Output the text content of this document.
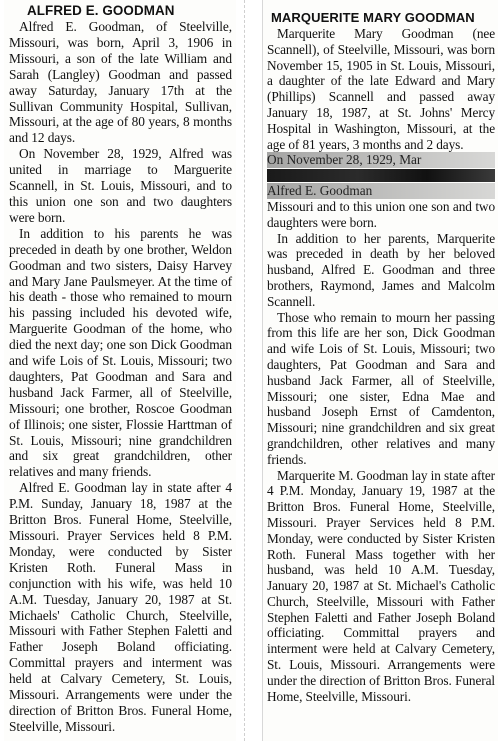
ALFRED E. GOODMAN

Alfred E. Goodman, of Steelville, Missouri, was born, April 3, 1906 in Missouri, a son of the late William and Sarah (Langley) Goodman and passed away Saturday, January 17th at the Sullivan Community Hospital, Sullivan, Missouri, at the age of 80 years, 8 months and 12 days.

On November 28, 1929, Alfred was united in marriage to Marguerite Scannell, in St. Louis, Missouri, and to this union one son and two daughters were born.

In addition to his parents he was preceded in death by one brother, Weldon Goodman and two sisters, Daisy Harvey and Mary Jane Paulsmeyer. At the time of his death - those who remained to mourn his passing included his devoted wife, Marguerite Goodman of the home, who died the next day; one son Dick Goodman and wife Lois of St. Louis, Missouri; two daughters, Pat Goodman and Sara and husband Jack Farmer, all of Steelville, Missouri; one brother, Roscoe Goodman of Illinois; one sister, Flossie Harttman of St. Louis, Missouri; nine grandchildren and six great grandchildren, other relatives and many friends.

Alfred E. Goodman lay in state after 4 P.M. Sunday, January 18, 1987 at the Britton Bros. Funeral Home, Steelville, Missouri. Prayer Services held 8 P.M. Monday, were conducted by Sister Kristen Roth. Funeral Mass in conjunction with his wife, was held 10 A.M. Tuesday, January 20, 1987 at St. Michaels' Catholic Church, Steelville, Missouri with Father Stephen Faletti and Father Joseph Boland officiating. Committal prayers and interment was held at Calvary Cemetery, St. Louis, Missouri. Arrangements were under the direction of Britton Bros. Funeral Home, Steelville, Missouri.

MARQUERITE MARY GOODMAN

Marquerite Mary Goodman (nee Scannell), of Steelville, Missouri, was born November 15, 1905 in St. Louis, Missouri, a daughter of the late Edward and Mary (Phillips) Scannell and passed away January 18, 1987, at St. Johns' Mercy Hospital in Washington, Missouri, at the age of 81 years, 3 months and 2 days.

On November 28, 1929, Mar
Alfred E. Goodman

Missouri and to this union one son and two daughters were born.

In addition to her parents, Marquerite was preceded in death by her beloved husband, Alfred E. Goodman and three brothers, Raymond, James and Malcolm Scannell.

Those who remain to mourn her passing from this life are her son, Dick Goodman and wife Lois of St. Louis, Missouri; two daughters, Pat Goodman and Sara and husband Jack Farmer, all of Steelville, Missouri; one sister, Edna Mae and husband Joseph Ernst of Camdenton, Missouri; nine grandchildren and six great grandchildren, other relatives and many friends.

Marquerite M. Goodman lay in state after 4 P.M. Monday, January 19, 1987 at the Britton Bros. Funeral Home, Steelville, Missouri. Prayer Services held 8 P.M. Monday, were conducted by Sister Kristen Roth. Funeral Mass together with her husband, was held 10 A.M. Tuesday, January 20, 1987 at St. Michael's Catholic Church, Steelville, Missouri with Father Stephen Faletti and Father Joseph Boland officiating. Committal prayers and interment were held at Calvary Cemetery, St. Louis, Missouri. Arrangements were under the direction of Britton Bros. Funeral Home, Steelville, Missouri.
